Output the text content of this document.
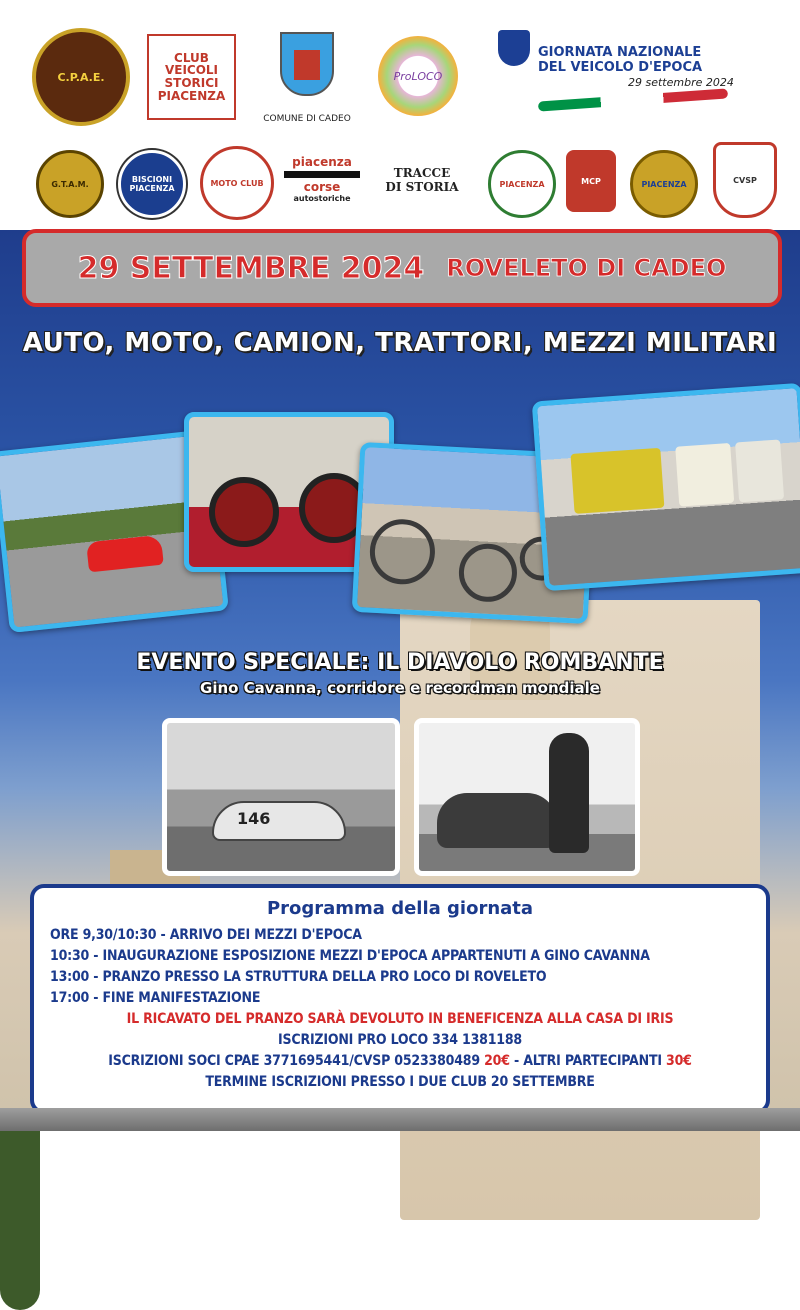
C.P.A.E.
CLUB VEICOLI STORICI PIACENZA
COMUNE DI CADEO
ProLOCO
GIORNATA NAZIONALE
DEL VEICOLO D'EPOCA
29 settembre 2024
G.T.A.M.	BISCIONI PIACENZA
MOTO CLUB
piacenza
corse
autostoriche
TRACCE
DI STORIA	PIACENZA	MCP	PIACENZA	CVSP
29 SETTEMBRE 2024 ROVELETO DI CADEO
AUTO, MOTO, CAMION, TRATTORI, MEZZI MILITARI
EVENTO SPECIALE: IL DIAVOLO ROMBANTE
Gino Cavanna, corridore e recordman mondiale
146
Programma della giornata
ORE 9,30/10:30 - ARRIVO DEI MEZZI D'EPOCA
10:30 - INAUGURAZIONE ESPOSIZIONE MEZZI D'EPOCA APPARTENUTI A GINO CAVANNA
13:00 - PRANZO PRESSO LA STRUTTURA DELLA PRO LOCO DI ROVELETO
17:00 - FINE MANIFESTAZIONE
IL RICAVATO DEL PRANZO SARÀ DEVOLUTO IN BENEFICENZA ALLA CASA DI IRIS
ISCRIZIONI PRO LOCO 334 1381188
ISCRIZIONI SOCI CPAE 3771695441/CVSP 0523380489 20€ - ALTRI PARTECIPANTI 30€
TERMINE ISCRIZIONI PRESSO I DUE CLUB 20 SETTEMBRE
